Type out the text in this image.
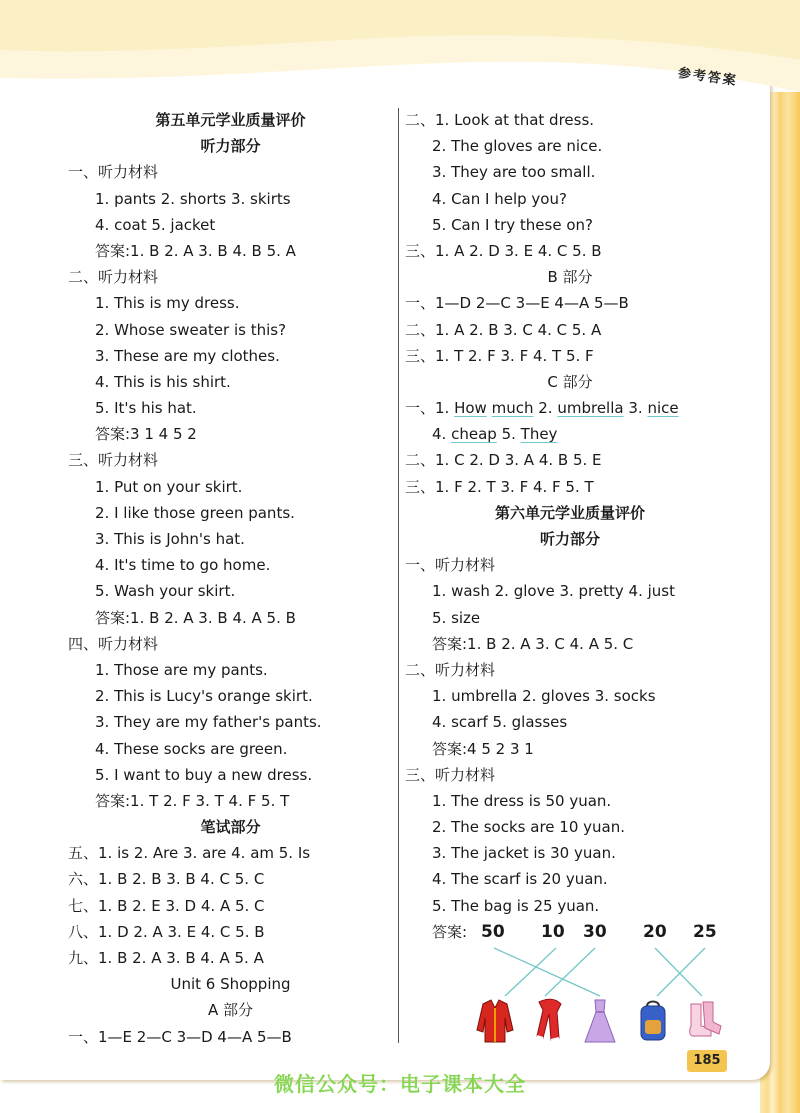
参考答案
第五单元学业质量评价
听力部分
一、听力材料
1. pants 2. shorts 3. skirts
4. coat 5. jacket
答案:1. B 2. A 3. B 4. B 5. A
二、听力材料
1. This is my dress.
2. Whose sweater is this?
3. These are my clothes.
4. This is his shirt.
5. It's his hat.
答案:3 1 4 5 2
三、听力材料
1. Put on your skirt.
2. I like those green pants.
3. This is John's hat.
4. It's time to go home.
5. Wash your skirt.
答案:1. B 2. A 3. B 4. A 5. B
四、听力材料
1. Those are my pants.
2. This is Lucy's orange skirt.
3. They are my father's pants.
4. These socks are green.
5. I want to buy a new dress.
答案:1. T 2. F 3. T 4. F 5. T
笔试部分
五、1. is 2. Are 3. are 4. am 5. Is
六、1. B 2. B 3. B 4. C 5. C
七、1. B 2. E 3. D 4. A 5. C
八、1. D 2. A 3. E 4. C 5. B
九、1. B 2. A 3. B 4. A 5. A
Unit 6 Shopping
A 部分
一、1—E 2—C 3—D 4—A 5—B
二、1. Look at that dress.
2. The gloves are nice.
3. They are too small.
4. Can I help you?
5. Can I try these on?
三、1. A 2. D 3. E 4. C 5. B
B 部分
一、1—D 2—C 3—E 4—A 5—B
二、1. A 2. B 3. C 4. C 5. A
三、1. T 2. F 3. F 4. T 5. F
C 部分
一、1. How much 2. umbrella 3. nice
4. cheap 5. They
二、1. C 2. D 3. A 4. B 5. E
三、1. F 2. T 3. F 4. F 5. T
第六单元学业质量评价
听力部分
一、听力材料
1. wash 2. glove 3. pretty 4. just
5. size
答案:1. B 2. A 3. C 4. A 5. C
二、听力材料
1. umbrella 2. gloves 3. socks
4. scarf 5. glasses
答案:4 5 2 3 1
三、听力材料
1. The dress is 50 yuan.
2. The socks are 10 yuan.
3. The jacket is 30 yuan.
4. The scarf is 20 yuan.
5. The bag is 25 yuan.
答案: 50 10 30 20 25
185
微信公众号：电子课本大全
